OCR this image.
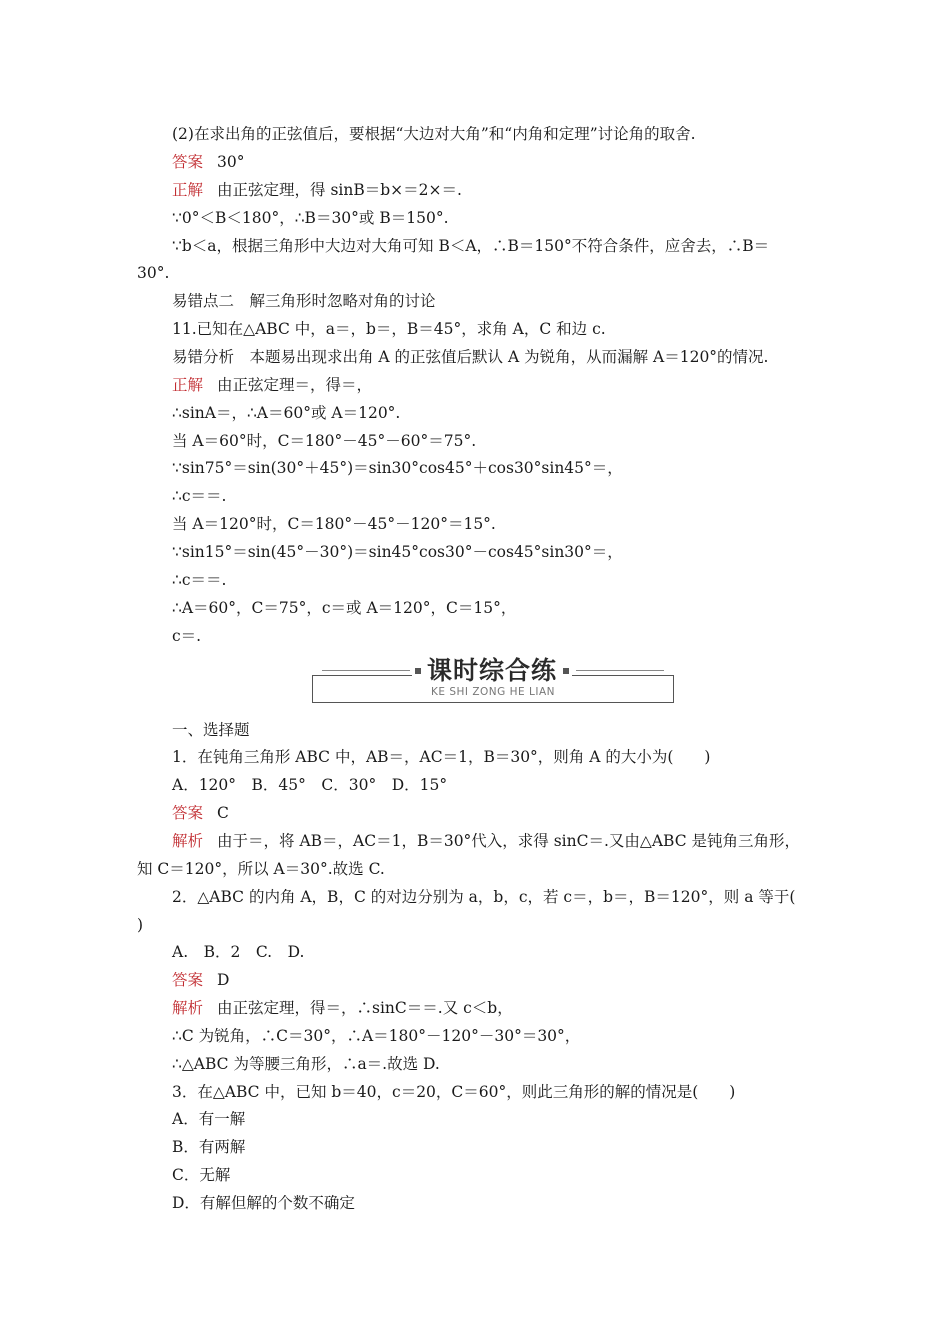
课时综合练
KE SHI ZONG HE LIAN
(2)在求出角的正弦值后，要根据“大边对大角”和“内角和定理”讨论角的取舍.
答案 30°
正解 由正弦定理，得 sinB＝b×＝2×＝.
∵0°＜B＜180°，∴B＝30°或 B＝150°.
∵b＜a，根据三角形中大边对大角可知 B＜A，∴B＝150°不符合条件，应舍去，∴B＝
30°.
易错点二　解三角形时忽略对角的讨论
11.已知在△ABC 中，a＝，b＝，B＝45°，求角 A，C 和边 c.
易错分析　本题易出现求出角 A 的正弦值后默认 A 为锐角，从而漏解 A＝120°的情况.
正解 由正弦定理＝，得＝，
∴sinA＝，∴A＝60°或 A＝120°.
当 A＝60°时，C＝180°－45°－60°＝75°.
∵sin75°＝sin(30°＋45°)＝sin30°cos45°＋cos30°sin45°＝，
∴c＝＝.
当 A＝120°时，C＝180°－45°－120°＝15°.
∵sin15°＝sin(45°－30°)＝sin45°cos30°－cos45°sin30°＝，
∴c＝＝.
∴A＝60°，C＝75°，c＝或 A＝120°，C＝15°，
c＝.
一、选择题
1．在钝角三角形 ABC 中，AB＝，AC＝1，B＝30°，则角 A 的大小为(　　)
A．120°　B．45°　C．30°　D．15°
答案 C
解析 由于＝，将 AB＝，AC＝1，B＝30°代入，求得 sinC＝.又由△ABC 是钝角三角形，
知 C＝120°，所以 A＝30°.故选 C.
2．△ABC 的内角 A，B，C 的对边分别为 a，b，c，若 c＝，b＝，B＝120°，则 a 等于(
)
A.　B．2　C.　D.
答案 D
解析 由正弦定理，得＝，∴sinC＝＝.又 c＜b，
∴C 为锐角，∴C＝30°，∴A＝180°－120°－30°＝30°，
∴△ABC 为等腰三角形，∴a＝.故选 D.
3．在△ABC 中，已知 b＝40，c＝20，C＝60°，则此三角形的解的情况是(　　)
A．有一解
B．有两解
C．无解
D．有解但解的个数不确定
